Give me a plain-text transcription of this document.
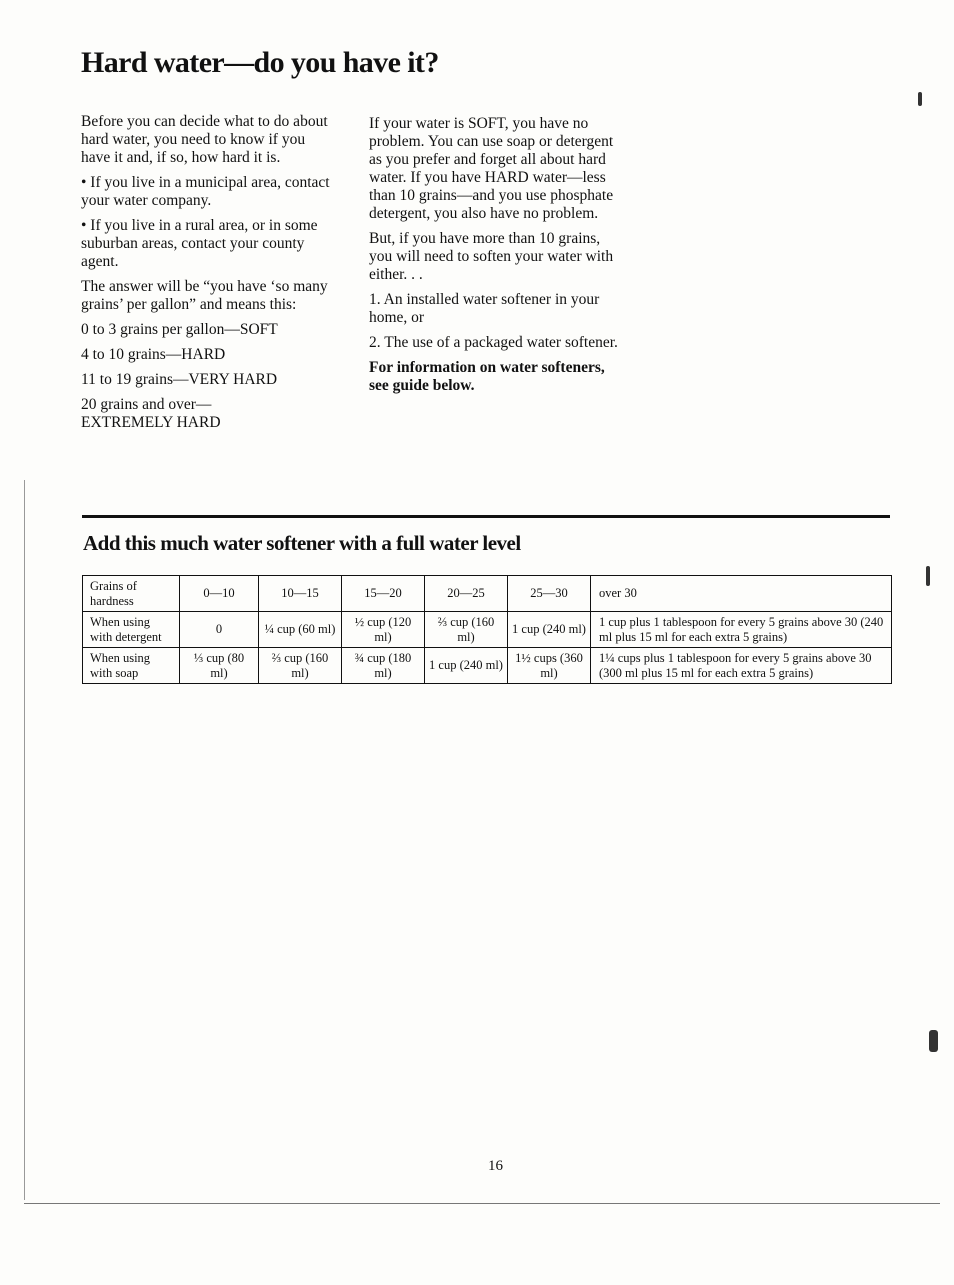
Hard water—do you have it?

Before you can decide what to do about hard water, you need to know if you have it and, if so, how hard it is.

• If you live in a municipal area, contact your water company.

• If you live in a rural area, or in some suburban areas, contact your county agent.

The answer will be “you have ‘so many grains’ per gallon” and means this:

0 to 3 grains per gallon—SOFT

4 to 10 grains—HARD

11 to 19 grains—VERY HARD

20 grains and over— EXTREMELY HARD

If your water is SOFT, you have no problem. You can use soap or detergent as you prefer and forget all about hard water. If you have HARD water—less than 10 grains—and you use phosphate detergent, you also have no problem.

But, if you have more than 10 grains, you will need to soften your water with either. . .

1. An installed water softener in your home, or

2. The use of a packaged water softener.

For information on water softeners, see guide below.

Add this much water softener with a full water level
Grains of hardness	0—10	10—15	15—20	20—25	25—30	over 30
When using with detergent	0	¼ cup (60 ml)	½ cup (120 ml)	⅔ cup (160 ml)	1 cup (240 ml)	1 cup plus 1 tablespoon for every 5 grains above 30 (240 ml plus 15 ml for each extra 5 grains)
When using with soap	⅓ cup (80 ml)	⅔ cup (160 ml)	¾ cup (180 ml)	1 cup (240 ml)	1½ cups (360 ml)	1¼ cups plus 1 tablespoon for every 5 grains above 30 (300 ml plus 15 ml for each extra 5 grains)
16
